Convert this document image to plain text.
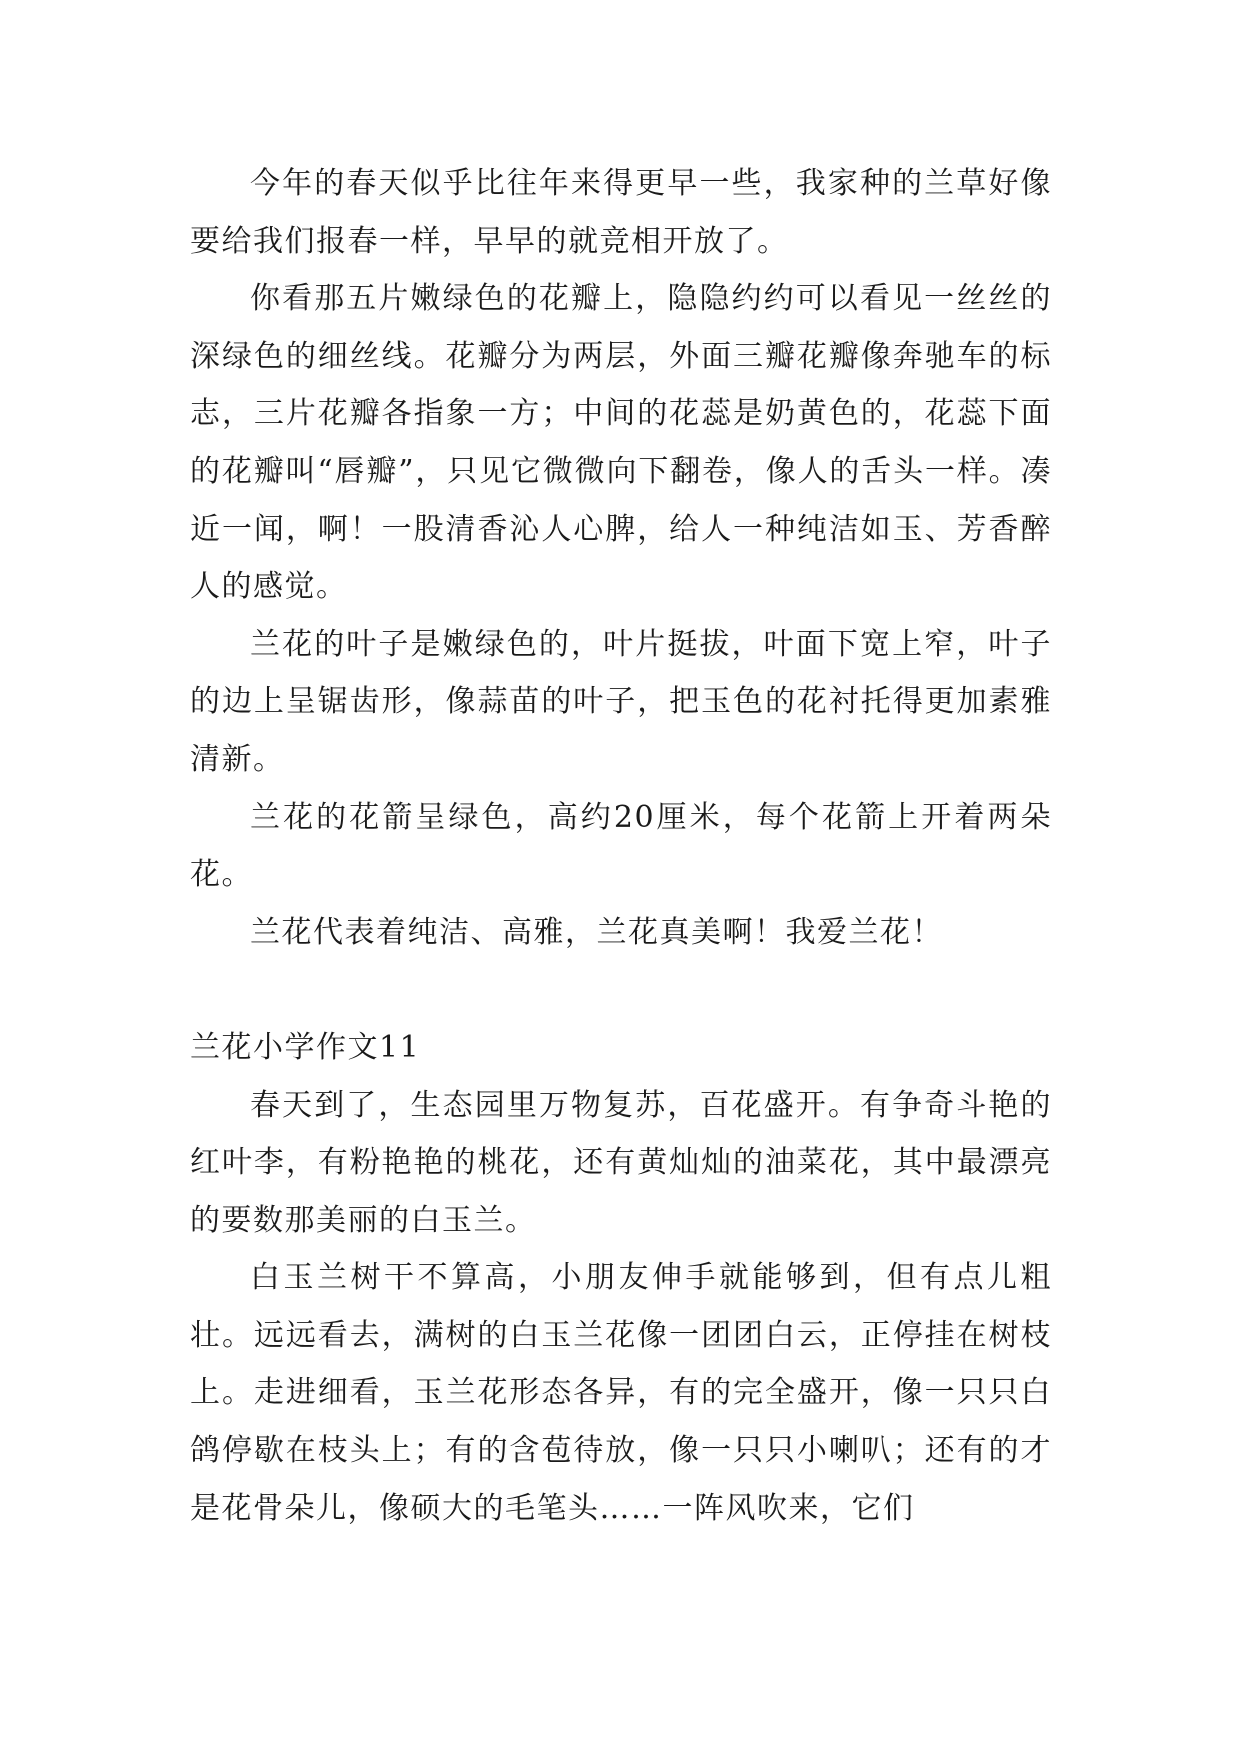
今年的春天似乎比往年来得更早一些，我家种的兰草好像要给我们报春一样，早早的就竞相开放了。

你看那五片嫩绿色的花瓣上，隐隐约约可以看见一丝丝的深绿色的细丝线。花瓣分为两层，外面三瓣花瓣像奔驰车的标志，三片花瓣各指象一方；中间的花蕊是奶黄色的，花蕊下面的花瓣叫“唇瓣”，只见它微微向下翻卷，像人的舌头一样。凑近一闻，啊！一股清香沁人心脾，给人一种纯洁如玉、芳香醉人的感觉。

兰花的叶子是嫩绿色的，叶片挺拔，叶面下宽上窄，叶子的边上呈锯齿形，像蒜苗的叶子，把玉色的花衬托得更加素雅清新。

兰花的花箭呈绿色，高约20厘米，每个花箭上开着两朵花。

兰花代表着纯洁、高雅，兰花真美啊！我爱兰花！

兰花小学作文11

春天到了，生态园里万物复苏，百花盛开。有争奇斗艳的红叶李，有粉艳艳的桃花，还有黄灿灿的油菜花，其中最漂亮的要数那美丽的白玉兰。

白玉兰树干不算高，小朋友伸手就能够到，但有点儿粗壮。远远看去，满树的白玉兰花像一团团白云，正停挂在树枝上。走进细看，玉兰花形态各异，有的完全盛开，像一只只白鸽停歇在枝头上；有的含苞待放，像一只只小喇叭；还有的才是花骨朵儿，像硕大的毛笔头……一阵风吹来，它们
